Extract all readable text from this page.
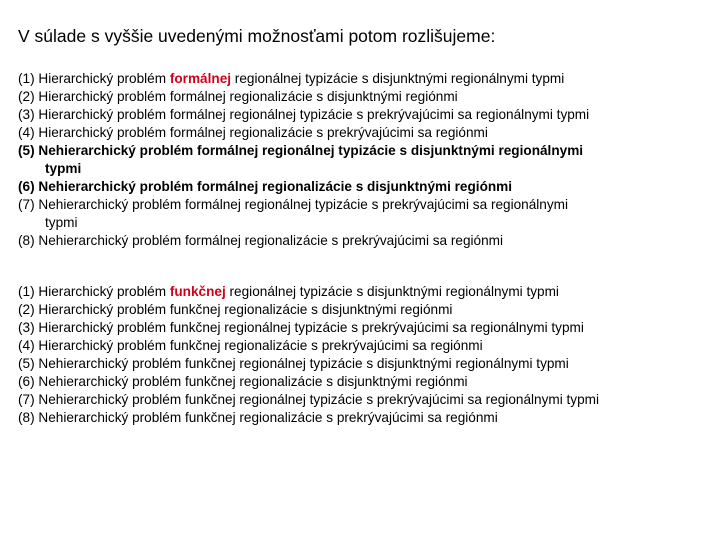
V súlade s vyššie uvedenými možnosťami potom rozlišujeme:
(1) Hierarchický problém formálnej regionálnej typizácie s disjunktnými regionálnymi typmi
(2) Hierarchický problém formálnej regionalizácie s disjunktnými regiónmi
(3) Hierarchický problém formálnej regionálnej typizácie s prekrývajúcimi sa regionálnymi typmi
(4) Hierarchický problém formálnej regionalizácie s prekrývajúcimi sa regiónmi
(5) Nehierarchický problém formálnej regionálnej typizácie s disjunktnými regionálnymi
typmi
(6) Nehierarchický problém formálnej regionalizácie s disjunktnými regiónmi
(7) Nehierarchický problém formálnej regionálnej typizácie s prekrývajúcimi sa regionálnymi
typmi
(8) Nehierarchický problém formálnej regionalizácie s prekrývajúcimi sa regiónmi
(1) Hierarchický problém funkčnej regionálnej typizácie s disjunktnými regionálnymi typmi
(2) Hierarchický problém funkčnej regionalizácie s disjunktnými regiónmi
(3) Hierarchický problém funkčnej regionálnej typizácie s prekrývajúcimi sa regionálnymi typmi
(4) Hierarchický problém funkčnej regionalizácie s prekrývajúcimi sa regiónmi
(5) Nehierarchický problém funkčnej regionálnej typizácie s disjunktnými regionálnymi typmi
(6) Nehierarchický problém funkčnej regionalizácie s disjunktnými regiónmi
(7) Nehierarchický problém funkčnej regionálnej typizácie s prekrývajúcimi sa regionálnymi typmi
(8) Nehierarchický problém funkčnej regionalizácie s prekrývajúcimi sa regiónmi
